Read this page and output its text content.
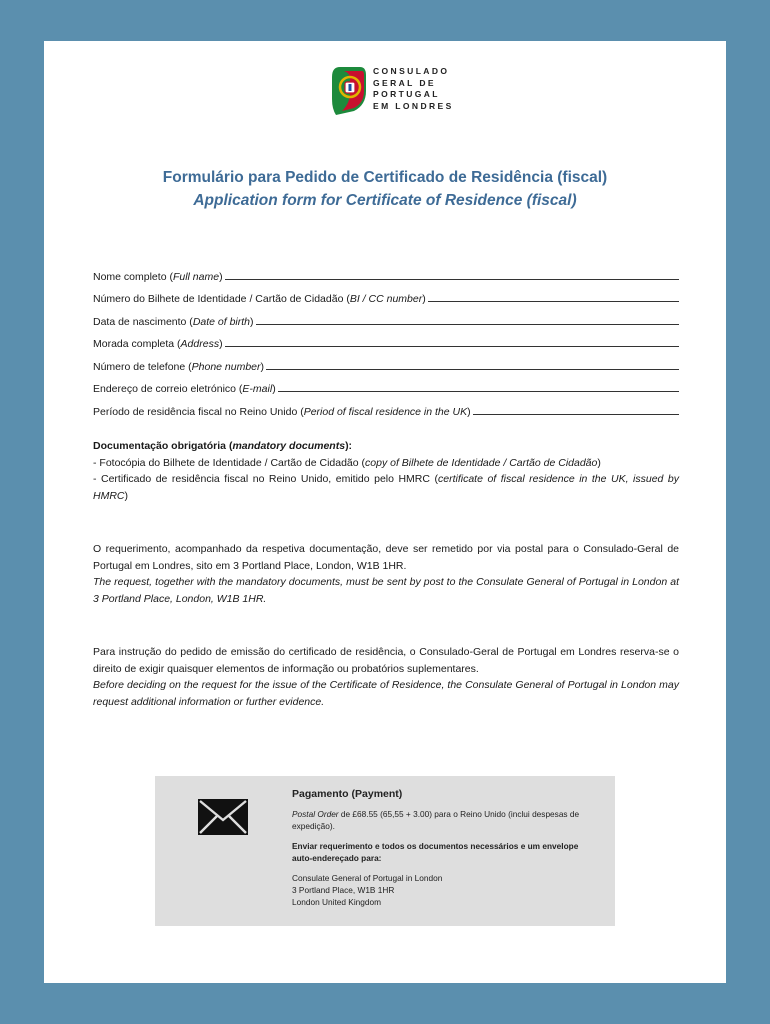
CONSULADO
GERAL DE
PORTUGAL
EM LONDRES
Formulário para Pedido de Certificado de Residência (fiscal)
Application form for Certificate of Residence (fiscal)
Nome completo (Full name)
Número do Bilhete de Identidade / Cartão de Cidadão (BI / CC number)
Data de nascimento (Date of birth)
Morada completa (Address)
Número de telefone (Phone number)
Endereço de correio eletrónico (E-mail)
Período de residência fiscal no Reino Unido (Period of fiscal residence in the UK)
Documentação obrigatória (mandatory documents):
- Fotocópia do Bilhete de Identidade / Cartão de Cidadão (copy of Bilhete de Identidade / Cartão de Cidadão)
- Certificado de residência fiscal no Reino Unido, emitido pelo HMRC (certificate of fiscal residence in the UK, issued by HMRC)
O requerimento, acompanhado da respetiva documentação, deve ser remetido por via postal para o Consulado-Geral de Portugal em Londres, sito em 3 Portland Place, London, W1B 1HR.
The request, together with the mandatory documents, must be sent by post to the Consulate General of Portugal in London at 3 Portland Place, London, W1B 1HR.
Para instrução do pedido de emissão do certificado de residência, o Consulado-Geral de Portugal em Londres reserva-se o direito de exigir quaisquer elementos de informação ou probatórios suplementares.
Before deciding on the request for the issue of the Certificate of Residence, the Consulate General of Portugal in London may request additional information or further evidence.
Pagamento (Payment)
Postal Order de £68.55 (65,55 + 3.00) para o Reino Unido (inclui despesas de expedição).
Enviar requerimento e todos os documentos necessários e um envelope auto-endereçado para:
Consulate General of Portugal in London
3 Portland Place, W1B 1HR
London United Kingdom
